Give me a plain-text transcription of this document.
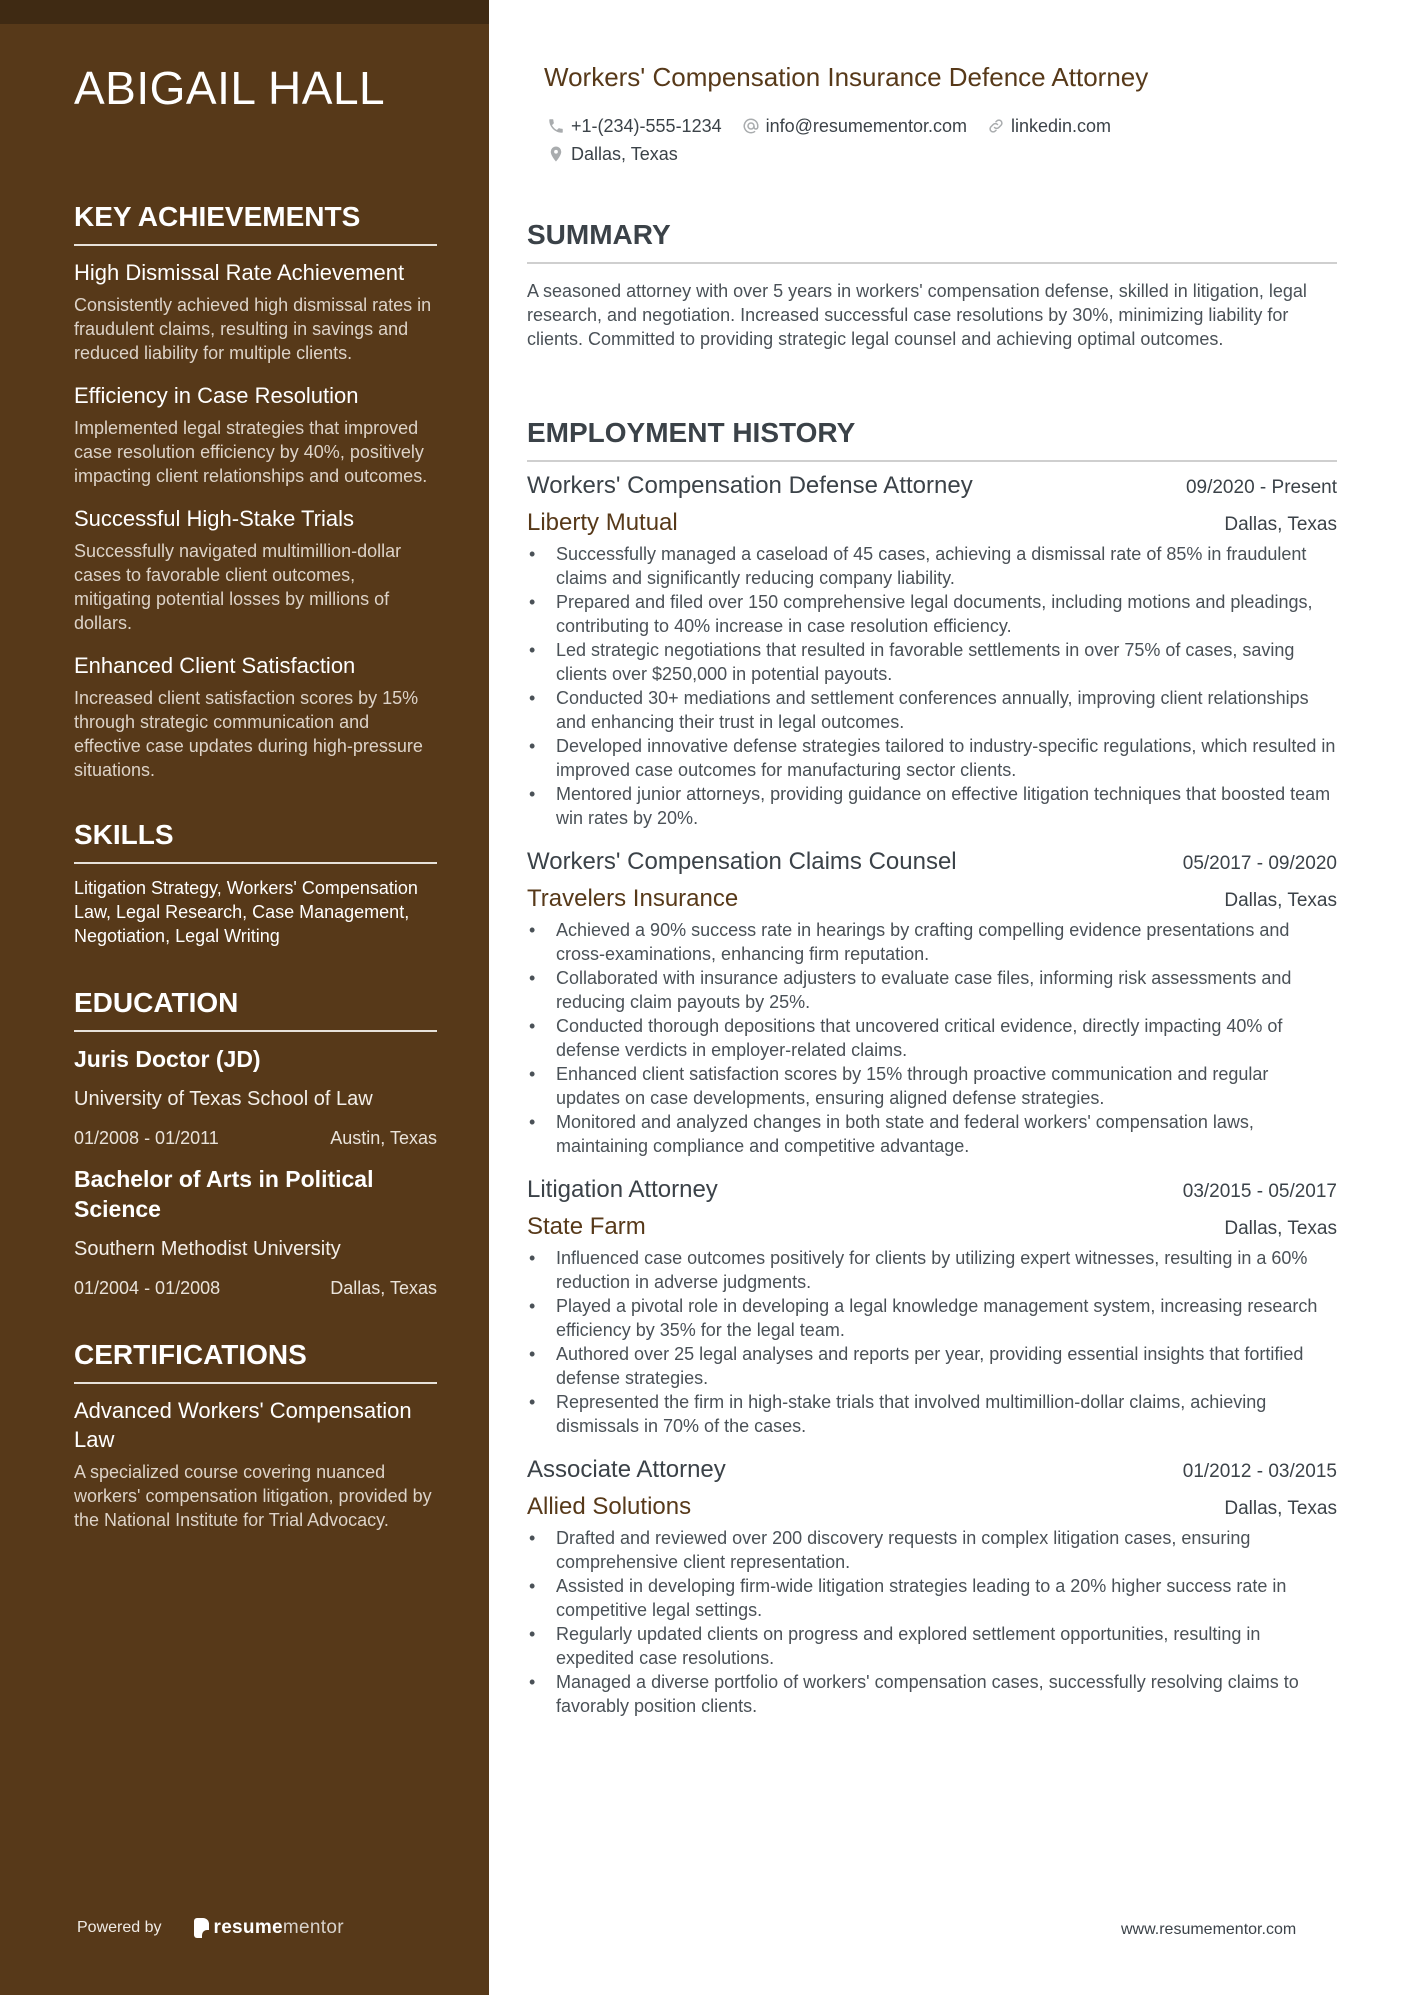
ABIGAIL HALL
KEY ACHIEVEMENTS
High Dismissal Rate Achievement
Consistently achieved high dismissal rates in fraudulent claims, resulting in savings and reduced liability for multiple clients.
Efficiency in Case Resolution
Implemented legal strategies that improved case resolution efficiency by 40%, positively impacting client relationships and outcomes.
Successful High-Stake Trials
Successfully navigated multimillion-dollar cases to favorable client outcomes, mitigating potential losses by millions of dollars.
Enhanced Client Satisfaction
Increased client satisfaction scores by 15% through strategic communication and effective case updates during high-pressure situations.
SKILLS

Litigation Strategy, Workers' Compensation Law, Legal Research, Case Management, Negotiation, Legal Writing

EDUCATION
Juris Doctor (JD)
University of Texas School of Law
01/2008 - 01/2011	Austin, Texas
Bachelor of Arts in Political Science
Southern Methodist University
01/2004 - 01/2008	Dallas, Texas
CERTIFICATIONS
Advanced Workers' Compensation Law
A specialized course covering nuanced workers' compensation litigation, provided by the National Institute for Trial Advocacy.
Powered by	resume mentor
Workers' Compensation Insurance Defence Attorney
+1-(234)-555-1234 info@resumementor.com linkedin.com
Dallas, Texas
SUMMARY

A seasoned attorney with over 5 years in workers' compensation defense, skilled in litigation, legal research, and negotiation. Increased successful case resolutions by 30%, minimizing liability for clients. Committed to providing strategic legal counsel and achieving optimal outcomes.

EMPLOYMENT HISTORY
Workers' Compensation Defense Attorney	09/2020 - Present
Liberty Mutual	Dallas, Texas
• Successfully managed a caseload of 45 cases, achieving a dismissal rate of 85% in fraudulent claims and significantly reducing company liability.
• Prepared and filed over 150 comprehensive legal documents, including motions and pleadings, contributing to 40% increase in case resolution efficiency.
• Led strategic negotiations that resulted in favorable settlements in over 75% of cases, saving clients over $250,000 in potential payouts.
• Conducted 30+ mediations and settlement conferences annually, improving client relationships and enhancing their trust in legal outcomes.
• Developed innovative defense strategies tailored to industry-specific regulations, which resulted in improved case outcomes for manufacturing sector clients.
• Mentored junior attorneys, providing guidance on effective litigation techniques that boosted team win rates by 20%.
Workers' Compensation Claims Counsel	05/2017 - 09/2020
Travelers Insurance	Dallas, Texas
• Achieved a 90% success rate in hearings by crafting compelling evidence presentations and cross-examinations, enhancing firm reputation.
• Collaborated with insurance adjusters to evaluate case files, informing risk assessments and reducing claim payouts by 25%.
• Conducted thorough depositions that uncovered critical evidence, directly impacting 40% of defense verdicts in employer-related claims.
• Enhanced client satisfaction scores by 15% through proactive communication and regular updates on case developments, ensuring aligned defense strategies.
• Monitored and analyzed changes in both state and federal workers' compensation laws, maintaining compliance and competitive advantage.
Litigation Attorney	03/2015 - 05/2017
State Farm	Dallas, Texas
• Influenced case outcomes positively for clients by utilizing expert witnesses, resulting in a 60% reduction in adverse judgments.
• Played a pivotal role in developing a legal knowledge management system, increasing research efficiency by 35% for the legal team.
• Authored over 25 legal analyses and reports per year, providing essential insights that fortified defense strategies.
• Represented the firm in high-stake trials that involved multimillion-dollar claims, achieving dismissals in 70% of the cases.
Associate Attorney	01/2012 - 03/2015
Allied Solutions	Dallas, Texas
• Drafted and reviewed over 200 discovery requests in complex litigation cases, ensuring comprehensive client representation.
• Assisted in developing firm-wide litigation strategies leading to a 20% higher success rate in competitive legal settings.
• Regularly updated clients on progress and explored settlement opportunities, resulting in expedited case resolutions.
• Managed a diverse portfolio of workers' compensation cases, successfully resolving claims to favorably position clients.
www.resumementor.com
